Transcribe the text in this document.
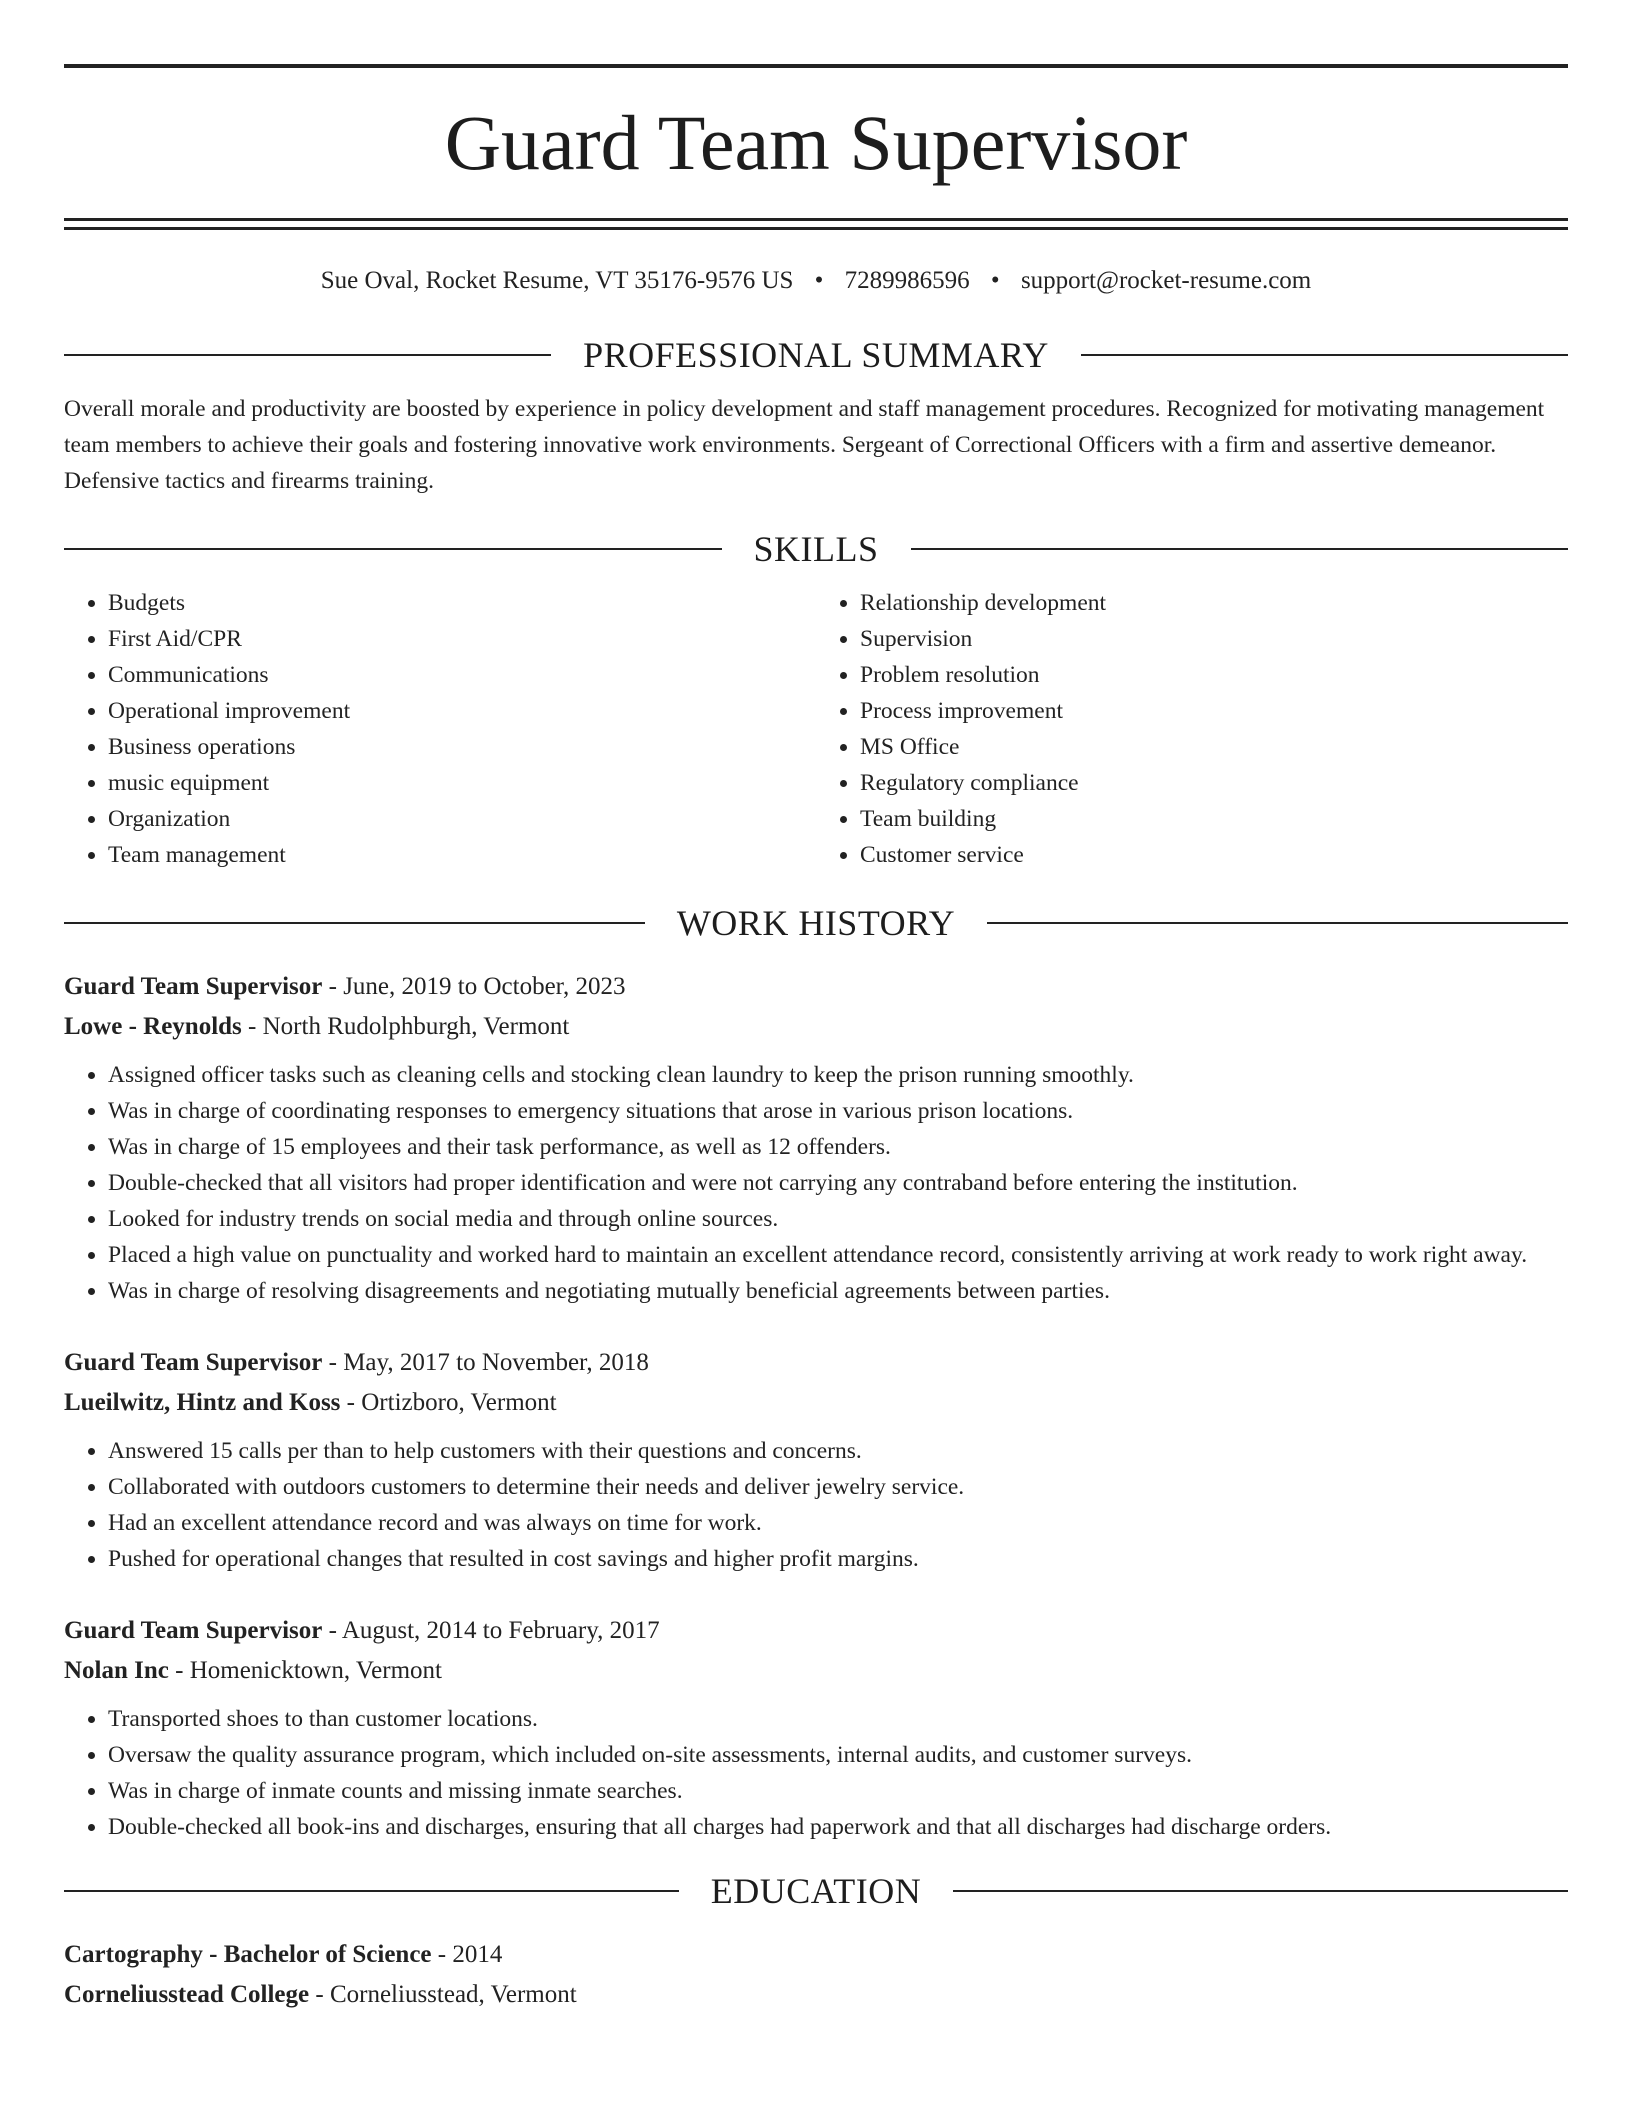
Guard Team Supervisor
Sue Oval, Rocket Resume, VT 35176-9576 US • 7289986596 • support@rocket-resume.com
PROFESSIONAL SUMMARY
Overall morale and productivity are boosted by experience in policy development and staff management procedures. Recognized for motivating management team members to achieve their goals and fostering innovative work environments. Sergeant of Correctional Officers with a firm and assertive demeanor. Defensive tactics and firearms training.
SKILLS
• Budgets
• First Aid/CPR
• Communications
• Operational improvement
• Business operations
• music equipment
• Organization
• Team management
• Relationship development
• Supervision
• Problem resolution
• Process improvement
• MS Office
• Regulatory compliance
• Team building
• Customer service
WORK HISTORY
Guard Team Supervisor - June, 2019 to October, 2023
Lowe - Reynolds - North Rudolphburgh, Vermont
• Assigned officer tasks such as cleaning cells and stocking clean laundry to keep the prison running smoothly.
• Was in charge of coordinating responses to emergency situations that arose in various prison locations.
• Was in charge of 15 employees and their task performance, as well as 12 offenders.
• Double-checked that all visitors had proper identification and were not carrying any contraband before entering the institution.
• Looked for industry trends on social media and through online sources.
• Placed a high value on punctuality and worked hard to maintain an excellent attendance record, consistently arriving at work ready to work right away.
• Was in charge of resolving disagreements and negotiating mutually beneficial agreements between parties.
Guard Team Supervisor - May, 2017 to November, 2018
Lueilwitz, Hintz and Koss - Ortizboro, Vermont
• Answered 15 calls per than to help customers with their questions and concerns.
• Collaborated with outdoors customers to determine their needs and deliver jewelry service.
• Had an excellent attendance record and was always on time for work.
• Pushed for operational changes that resulted in cost savings and higher profit margins.
Guard Team Supervisor - August, 2014 to February, 2017
Nolan Inc - Homenicktown, Vermont
• Transported shoes to than customer locations.
• Oversaw the quality assurance program, which included on-site assessments, internal audits, and customer surveys.
• Was in charge of inmate counts and missing inmate searches.
• Double-checked all book-ins and discharges, ensuring that all charges had paperwork and that all discharges had discharge orders.
EDUCATION
Cartography - Bachelor of Science - 2014
Corneliusstead College - Corneliusstead, Vermont
